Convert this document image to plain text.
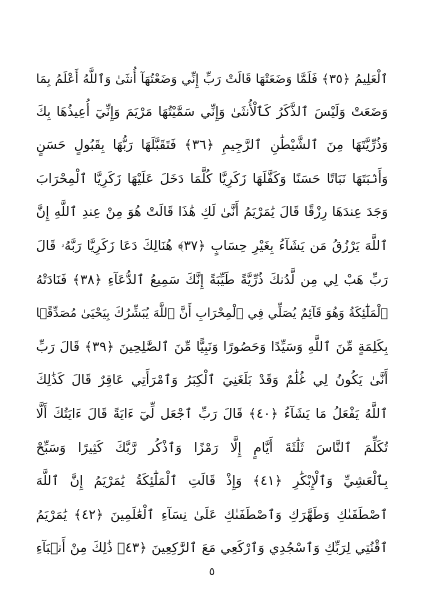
ٱلْعَلِيمُ ﴿٣٥﴾ فَلَمَّا وَضَعَتْهَا قَالَتْ رَبِّ إِنِّي وَضَعْتُهَآ أُنثَىٰ وَٱللَّهُ أَعْلَمُ بِمَا
وَضَعَتْ وَلَيْسَ ٱلذَّكَرُ كَٱلْأُنثَىٰ وَإِنِّي سَمَّيْتُهَا مَرْيَمَ وَإِنِّيٓ أُعِيذُهَا بِكَ
وَذُرِّيَّتَهَا مِنَ ٱلشَّيْطَٰنِ ٱلرَّجِيمِ ﴿٣٦﴾ فَتَقَبَّلَهَا رَبُّهَا بِقَبُولٍ حَسَنٍ
وَأَنۢبَتَهَا نَبَاتًا حَسَنًا وَكَفَّلَهَا زَكَرِيَّا كُلَّمَا دَخَلَ عَلَيْهَا زَكَرِيَّا ٱلْمِحْرَابَ
وَجَدَ عِندَهَا رِزْقًا قَالَ يَٰمَرْيَمُ أَنَّىٰ لَكِ هَٰذَا قَالَتْ هُوَ مِنْ عِندِ ٱللَّهِ إِنَّ
ٱللَّهَ يَرْزُقُ مَن يَشَآءُ بِغَيْرِ حِسَابٍ ﴿٣٧﴾ هُنَالِكَ دَعَا زَكَرِيَّا رَبَّهُۥ قَالَ
رَبِّ هَبْ لِي مِن لَّدُنكَ ذُرِّيَّةً طَيِّبَةً إِنَّكَ سَمِيعُ ٱلدُّعَآءِ ﴿٣٨﴾ فَنَادَتْهُ
ٱلْمَلَٰٓئِكَةُ وَهُوَ قَآئِمٌ يُصَلِّي فِي ٱلْمِحْرَابِ أَنَّ ٱللَّهَ يُبَشِّرُكَ بِيَحْيَىٰ مُصَدِّقًۢا
بِكَلِمَةٍ مِّنَ ٱللَّهِ وَسَيِّدًا وَحَصُورًا وَنَبِيًّا مِّنَ ٱلصَّٰلِحِينَ ﴿٣٩﴾ قَالَ رَبِّ
أَنَّىٰ يَكُونُ لِي غُلَٰمٌ وَقَدْ بَلَغَنِيَ ٱلْكِبَرُ وَٱمْرَأَتِي عَاقِرٌ قَالَ كَذَٰلِكَ
ٱللَّهُ يَفْعَلُ مَا يَشَآءُ ﴿٤٠﴾ قَالَ رَبِّ ٱجْعَل لِّيٓ ءَايَةً قَالَ ءَايَتُكَ أَلَّا
تُكَلِّمَ ٱلنَّاسَ ثَلَٰثَةَ أَيَّامٍ إِلَّا رَمْزًا وَٱذْكُر رَّبَّكَ كَثِيرًا وَسَبِّحْ
بِٱلْعَشِيِّ وَٱلْإِبْكَٰرِ ﴿٤١﴾ وَإِذْ قَالَتِ ٱلْمَلَٰٓئِكَةُ يَٰمَرْيَمُ إِنَّ ٱللَّهَ
ٱصْطَفَىٰكِ وَطَهَّرَكِ وَٱصْطَفَىٰكِ عَلَىٰ نِسَآءِ ٱلْعَٰلَمِينَ ﴿٤٢﴾ يَٰمَرْيَمُ
ٱقْنُتِي لِرَبِّكِ وَٱسْجُدِي وَٱرْكَعِي مَعَ ٱلرَّٰكِعِينَ ﴿٤٣﴾ ذَٰلِكَ مِنْ أَنۢبَآءِ
٥
